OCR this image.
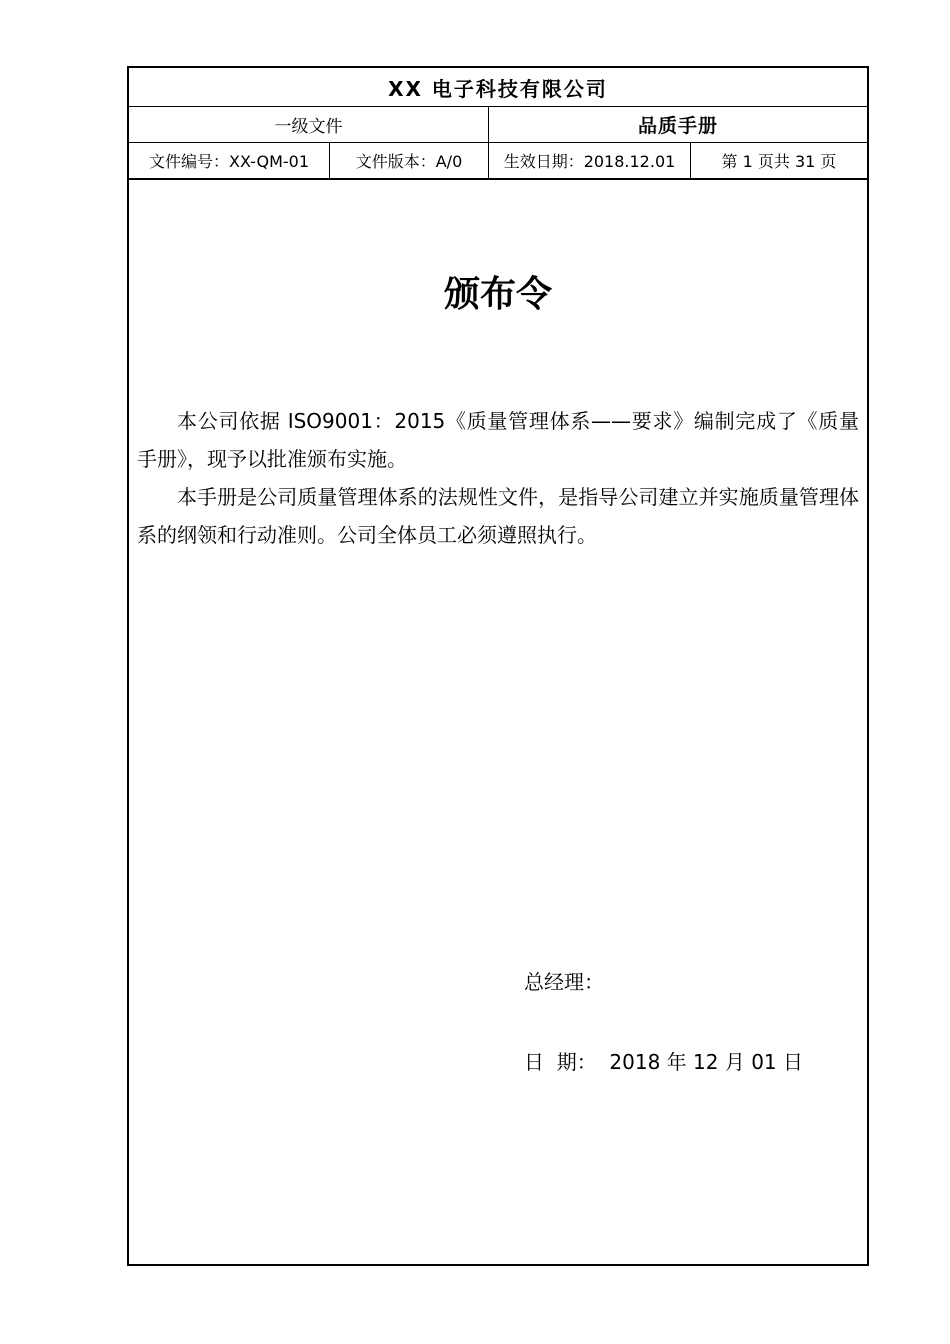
XX 电子科技有限公司
一级文件	品质手册
文件编号：XX-QM-01	文件版本：A/0	生效日期：2018.12.01	第 1 页共 31 页
颁布令

本公司依据 ISO9001：2015《质量管理体系——要求》编制完成了《质量手册》，现予以批准颁布实施。

本手册是公司质量管理体系的法规性文件，是指导公司建立并实施质量管理体系的纲领和行动准则。公司全体员工必须遵照执行。

总经理：
日  期：  2018 年 12 月 01 日
